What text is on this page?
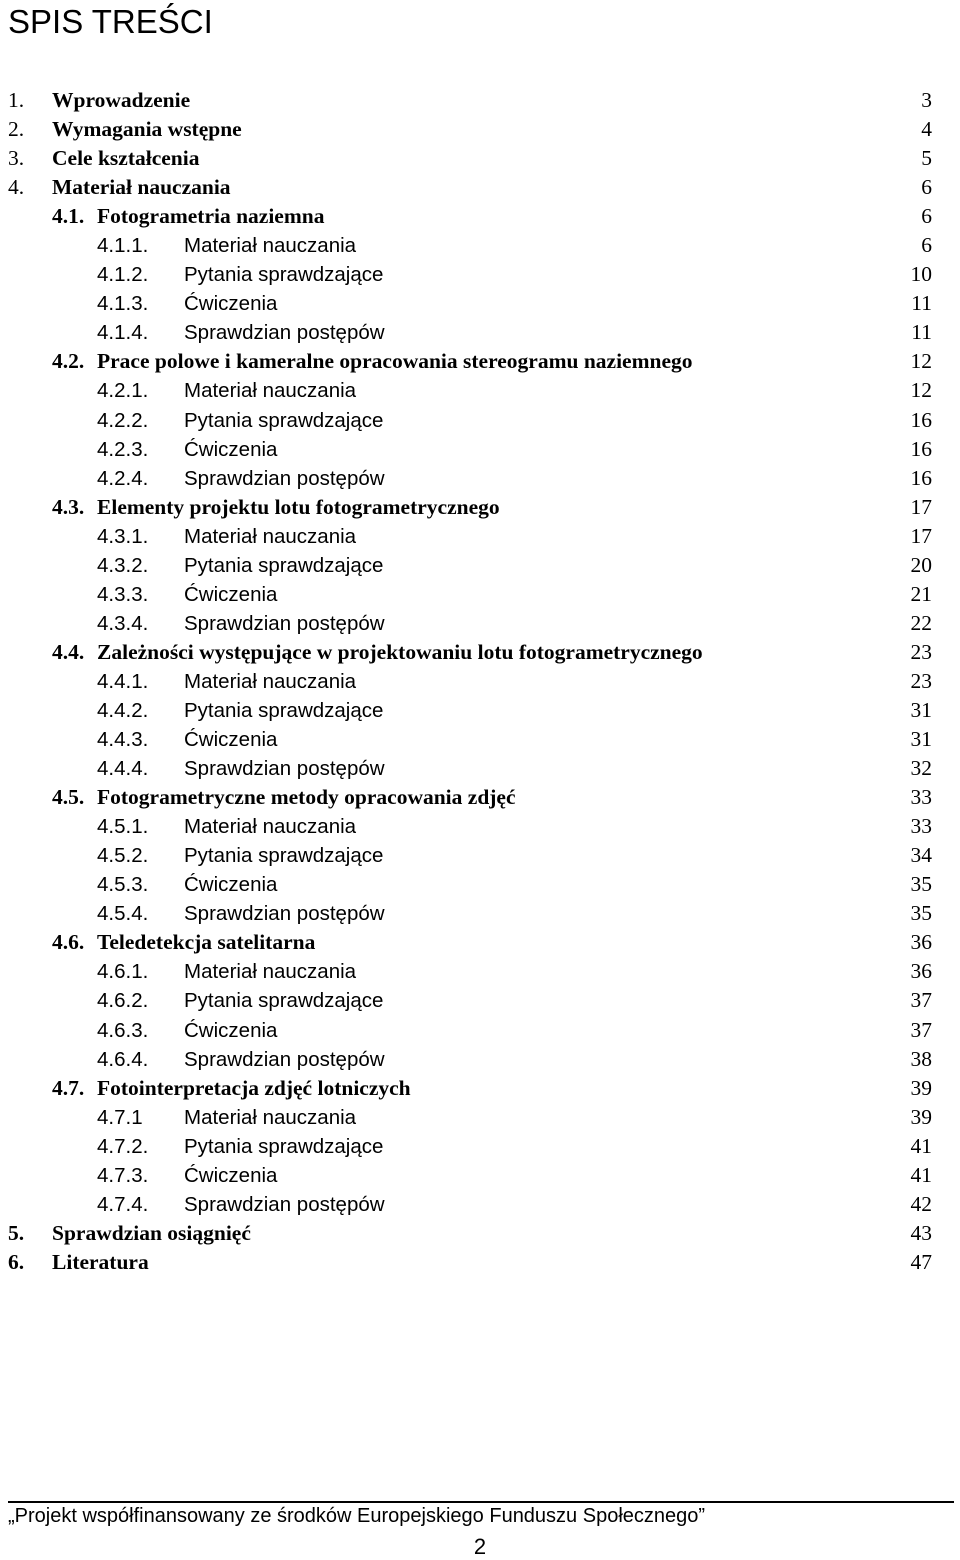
SPIS TREŚCI
1. Wprowadzenie	3
2. Wymagania wstępne	4
3. Cele kształcenia	5
4. Materiał nauczania	6
4.1. Fotogrametria naziemna	6
4.1.1. Materiał nauczania	6
4.1.2. Pytania sprawdzające	10
4.1.3. Ćwiczenia	11
4.1.4. Sprawdzian postępów	11
4.2. Prace polowe i kameralne opracowania stereogramu naziemnego	12
4.2.1. Materiał nauczania	12
4.2.2. Pytania sprawdzające	16
4.2.3. Ćwiczenia	16
4.2.4. Sprawdzian postępów	16
4.3. Elementy projektu lotu fotogrametrycznego	17
4.3.1. Materiał nauczania	17
4.3.2. Pytania sprawdzające	20
4.3.3. Ćwiczenia	21
4.3.4. Sprawdzian postępów	22
4.4. Zależności występujące w projektowaniu lotu fotogrametrycznego	23
4.4.1. Materiał nauczania	23
4.4.2. Pytania sprawdzające	31
4.4.3. Ćwiczenia	31
4.4.4. Sprawdzian postępów	32
4.5. Fotogrametryczne metody opracowania zdjęć	33
4.5.1. Materiał nauczania	33
4.5.2. Pytania sprawdzające	34
4.5.3. Ćwiczenia	35
4.5.4. Sprawdzian postępów	35
4.6. Teledetekcja satelitarna	36
4.6.1. Materiał nauczania	36
4.6.2. Pytania sprawdzające	37
4.6.3. Ćwiczenia	37
4.6.4. Sprawdzian postępów	38
4.7. Fotointerpretacja zdjęć lotniczych	39
4.7.1 Materiał nauczania	39
4.7.2. Pytania sprawdzające	41
4.7.3. Ćwiczenia	41
4.7.4. Sprawdzian postępów	42
5. Sprawdzian osiągnięć	43
6. Literatura	47
„Projekt współfinansowany ze środków Europejskiego Funduszu Społecznego”
2
